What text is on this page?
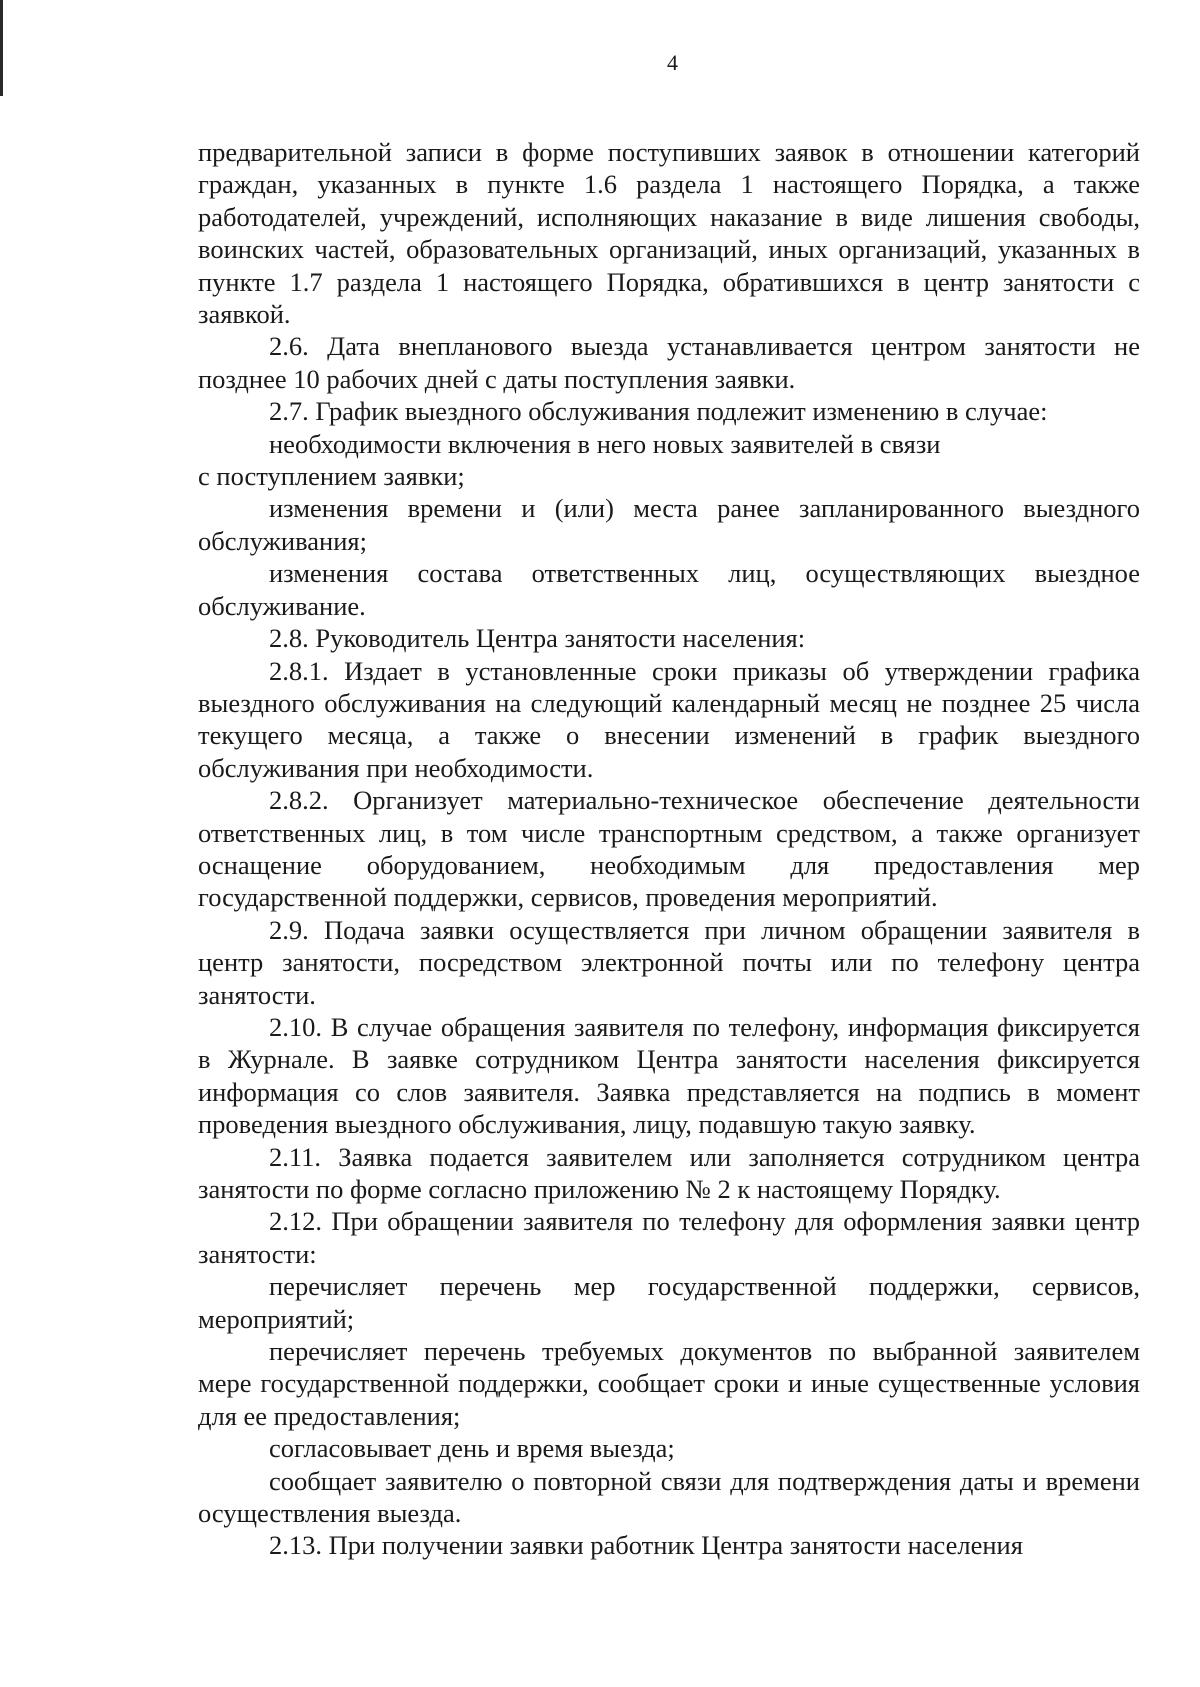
4

предварительной записи в форме поступивших заявок в отношении категорий граждан, указанных в пункте 1.6 раздела 1 настоящего Порядка, а также работодателей, учреждений, исполняющих наказание в виде лишения свободы, воинских частей, образовательных организаций, иных организаций, указанных в пункте 1.7 раздела 1 настоящего Порядка, обратившихся в центр занятости с заявкой.

2.6. Дата внепланового выезда устанавливается центром занятости не позднее 10 рабочих дней с даты поступления заявки.

2.7. График выездного обслуживания подлежит изменению в случае:

необходимости включения в него новых заявителей в связи

с поступлением заявки;

изменения времени и (или) места ранее запланированного выездного обслуживания;

изменения состава ответственных лиц, осуществляющих выездное обслуживание.

2.8. Руководитель Центра занятости населения:

2.8.1. Издает в установленные сроки приказы об утверждении графика выездного обслуживания на следующий календарный месяц не позднее 25 числа текущего месяца, а также о внесении изменений в график выездного обслуживания при необходимости.

2.8.2. Организует материально-техническое обеспечение деятельности ответственных лиц, в том числе транспортным средством, а также организует оснащение оборудованием, необходимым для предоставления мер государственной поддержки, сервисов, проведения мероприятий.

2.9. Подача заявки осуществляется при личном обращении заявителя в центр занятости, посредством электронной почты или по телефону центра занятости.

2.10. В случае обращения заявителя по телефону, информация фиксируется в Журнале. В заявке сотрудником Центра занятости населения фиксируется информация со слов заявителя. Заявка представляется на подпись в момент проведения выездного обслуживания, лицу, подавшую такую заявку.

2.11. Заявка подается заявителем или заполняется сотрудником центра занятости по форме согласно приложению № 2 к настоящему Порядку.

2.12. При обращении заявителя по телефону для оформления заявки центр занятости:

перечисляет перечень мер государственной поддержки, сервисов, мероприятий;

перечисляет перечень требуемых документов по выбранной заявителем мере государственной поддержки, сообщает сроки и иные существенные условия для ее предоставления;

согласовывает день и время выезда;

сообщает заявителю о повторной связи для подтверждения даты и времени осуществления выезда.

2.13. При получении заявки работник Центра занятости населения
